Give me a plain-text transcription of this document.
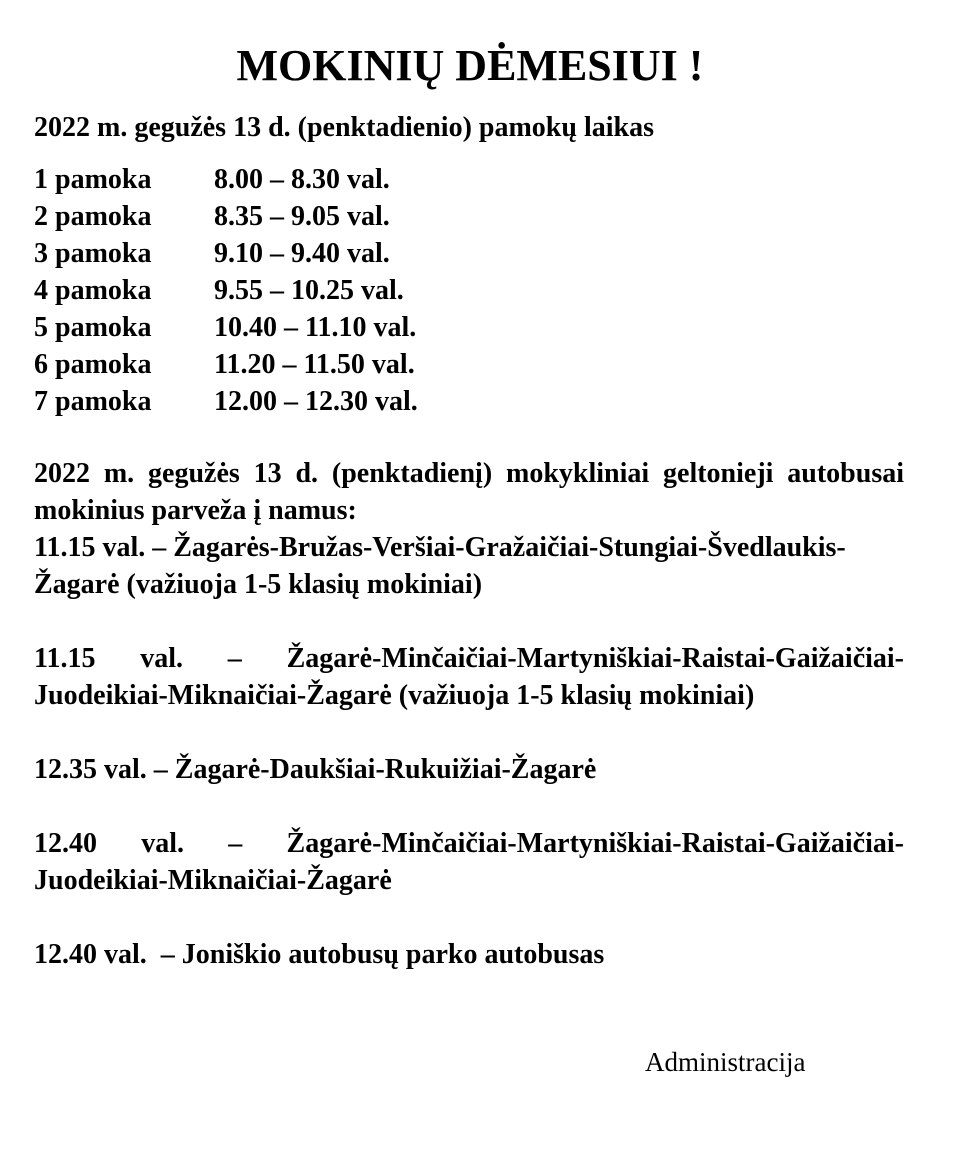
MOKINIŲ DĖMESIUI !

2022 m. gegužės 13 d. (penktadienio) pamokų laikas

1 pamoka	8.00 – 8.30 val.
2 pamoka	8.35 – 9.05 val.
3 pamoka	9.10 – 9.40 val.
4 pamoka	9.55 – 10.25 val.
5 pamoka	10.40 – 11.10 val.
6 pamoka	11.20 – 11.50 val.
7 pamoka	12.00 – 12.30 val.

2022 m. gegužės 13 d. (penktadienį) mokykliniai geltonieji autobusai mokinius parveža į namus:

11.15 val. – Žagarės-Bružas-Veršiai-Gražaičiai-Stungiai-Švedlaukis-
Žagarė (važiuoja 1-5 klasių mokiniai)
11.15 val. – Žagarė-Minčaičiai-Martyniškiai-Raistai-Gaižaičiai-
Juodeikiai-Miknaičiai-Žagarė (važiuoja 1-5 klasių mokiniai)
12.35 val. – Žagarė-Daukšiai-Rukuižiai-Žagarė
12.40 val. – Žagarė-Minčaičiai-Martyniškiai-Raistai-Gaižaičiai-
Juodeikiai-Miknaičiai-Žagarė
12.40 val.  – Joniškio autobusų parko autobusas

Administracija
